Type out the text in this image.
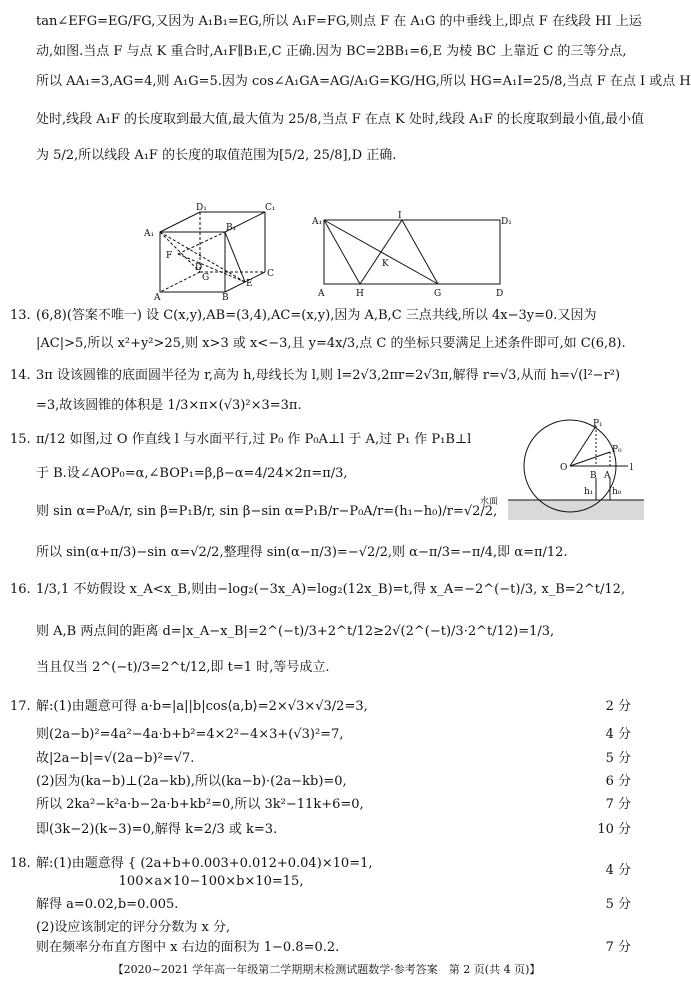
tan∠EFG=EG/FG,又因为 A₁B₁=EG,所以 A₁F=FG,则点 F 在 A₁G 的中垂线上,即点 F 在线段 HI 上运
动,如图.当点 F 与点 K 重合时,A₁F∥B₁E,C 正确.因为 BC=2BB₁=6,E 为棱 BC 上靠近 C 的三等分点,
所以 AA₁=3,AG=4,则 A₁G=5.因为 cos∠A₁GA=AG/A₁G=KG/HG,所以 HG=A₁I=25/8,当点 F 在点 I 或点 H
处时,线段 A₁F 的长度取到最大值,最大值为 25/8,当点 F 在点 K 处时,线段 A₁F 的长度取到最小值,最小值
为 5/2,所以线段 A₁F 的长度的取值范围为[5/2, 25/8],D 正确.
D₁	C₁
A₁
B₁
F
D
C
A	B
E
G
A₁
I
D₁
K
A	H	G	D
13. (6,8)(答案不唯一) 设 C(x,y),AB=(3,4),AC=(x,y),因为 A,B,C 三点共线,所以 4x−3y=0.又因为
|AC|>5,所以 x²+y²>25,则 x>3 或 x<−3,且 y=4x/3,点 C 的坐标只要满足上述条件即可,如 C(6,8).
14. 3π 设该圆锥的底面圆半径为 r,高为 h,母线长为 l,则 l=2√3,2πr=2√3π,解得 r=√3,从而 h=√(l²−r²)
=3,故该圆锥的体积是 1/3×π×(√3)²×3=3π.
15. π/12 如图,过 O 作直线 l 与水面平行,过 P₀ 作 P₀A⊥l 于 A,过 P₁ 作 P₁B⊥l
于 B.设∠AOP₀=α,∠BOP₁=β,β−α=4/24×2π=π/3,
则 sin α=P₀A/r, sin β=P₁B/r, sin β−sin α=P₁B/r−P₀A/r=(h₁−h₀)/r=√2/2,
所以 sin(α+π/3)−sin α=√2/2,整理得 sin(α−π/3)=−√2/2,则 α−π/3=−π/4,即 α=π/12.
P₁
P₀
O	l
B A
h₁ h₀
水面
16. 1/3,1 不妨假设 x_A<x_B,则由−log₂(−3x_A)=log₂(12x_B)=t,得 x_A=−2^(−t)/3, x_B=2^t/12,
则 A,B 两点间的距离 d=|x_A−x_B|=2^(−t)/3+2^t/12≥2√(2^(−t)/3·2^t/12)=1/3,
当且仅当 2^(−t)/3=2^t/12,即 t=1 时,等号成立.
17. 解:(1)由题意可得 a·b=|a||b|cos⟨a,b⟩=2×√3×√3/2=3,	2 分
则(2a−b)²=4a²−4a·b+b²=4×2²−4×3+(√3)²=7,	4 分
故|2a−b|=√(2a−b)²=√7.	5 分
(2)因为(ka−b)⊥(2a−kb),所以(ka−b)·(2a−kb)=0,	6 分
所以 2ka²−k²a·b−2a·b+kb²=0,所以 3k²−11k+6=0,	7 分
即(3k−2)(k−3)=0,解得 k=2/3 或 k=3.	10 分
18. 解:(1)由题意得 { (2a+b+0.003+0.012+0.04)×10=1,	4 分
100×a×10−100×b×10=15,
解得 a=0.02,b=0.005.	5 分
(2)设应该制定的评分分数为 x 分,
则在频率分布直方图中 x 右边的面积为 1−0.8=0.2.	7 分
【2020~2021 学年高一年级第二学期期末检测试题数学·参考答案　第 2 页(共 4 页)】
